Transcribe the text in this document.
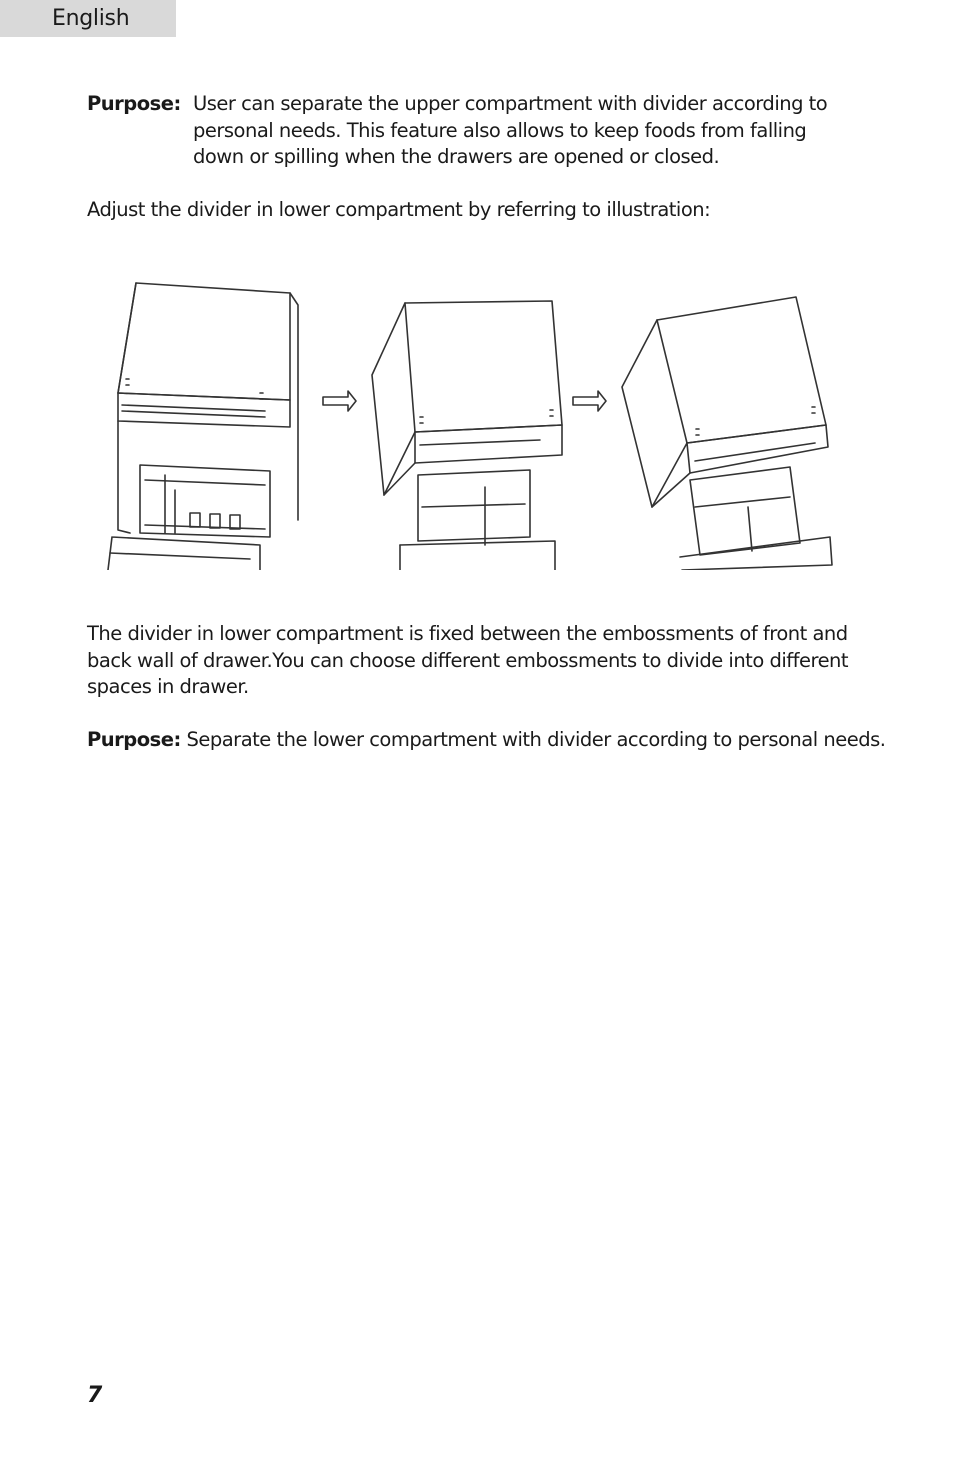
English
Purpose: User can separate the upper compartment with divider according to
personal needs. This feature also allows to keep foods from falling
down or spilling when the drawers are opened or closed.
Adjust the divider in lower compartment by referring to illustration:
The divider in lower compartment is fixed between the embossments of front and
back wall of drawer.You can choose different embossments to divide into different
spaces in drawer.
Purpose: Separate the lower compartment with divider according to personal needs.
7
